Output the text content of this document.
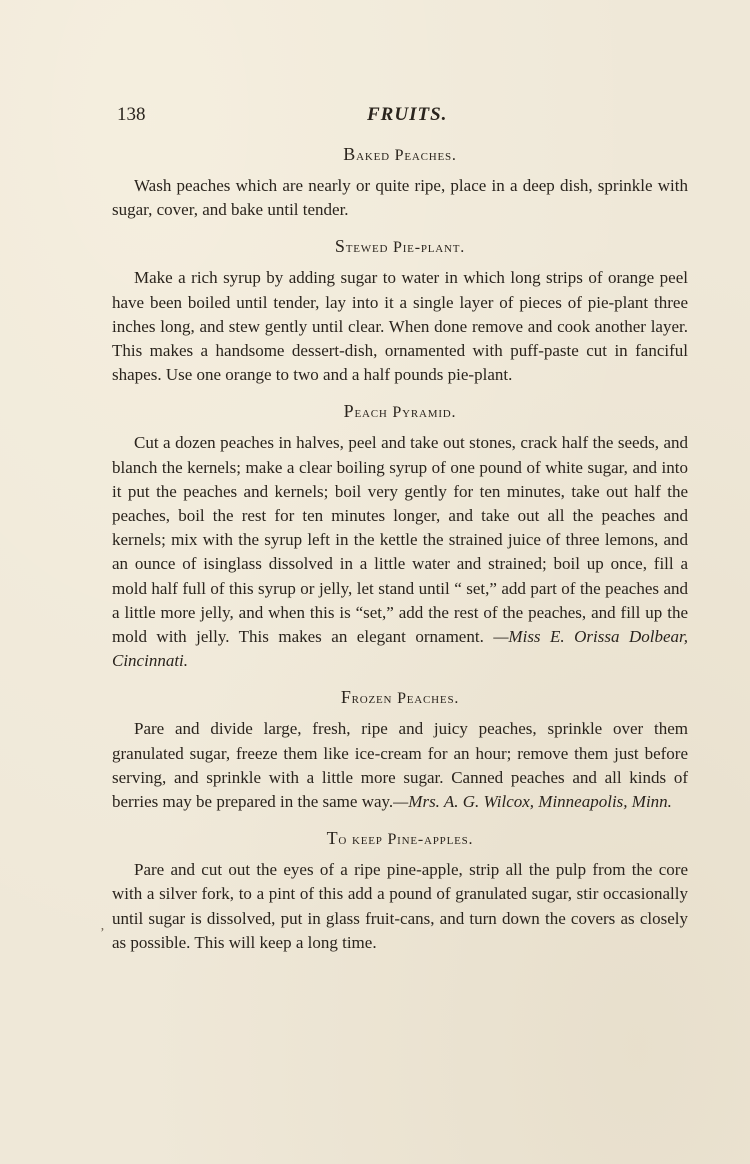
138	FRUITS.
Baked Peaches.

Wash peaches which are nearly or quite ripe, place in a deep dish, sprinkle with sugar, cover, and bake until tender.

Stewed Pie-plant.

Make a rich syrup by adding sugar to water in which long strips of orange peel have been boiled until tender, lay into it a single layer of pieces of pie-plant three inches long, and stew gently until clear. When done remove and cook another layer. This makes a handsome dessert-dish, ornamented with puff-paste cut in fanciful shapes. Use one orange to two and a half pounds pie-plant.

Peach Pyramid.

Cut a dozen peaches in halves, peel and take out stones, crack half the seeds, and blanch the kernels; make a clear boiling syrup of one pound of white sugar, and into it put the peaches and kernels; boil very gently for ten minutes, take out half the peaches, boil the rest for ten minutes longer, and take out all the peaches and kernels; mix with the syrup left in the kettle the strained juice of three lemons, and an ounce of isinglass dissolved in a little water and strained; boil up once, fill a mold half full of this syrup or jelly, let stand until “ set,” add part of the peaches and a little more jelly, and when this is “set,” add the rest of the peaches, and fill up the mold with jelly. This makes an elegant ornament. —Miss E. Orissa Dolbear, Cincinnati.

Frozen Peaches.

Pare and divide large, fresh, ripe and juicy peaches, sprinkle over them granulated sugar, freeze them like ice-cream for an hour; remove them just before serving, and sprinkle with a little more sugar. Canned peaches and all kinds of berries may be prepared in the same way.—Mrs. A. G. Wilcox, Minneapolis, Minn.

To keep Pine-apples.

Pare and cut out the eyes of a ripe pine-apple, strip all the pulp from the core with a silver fork, to a pint of this add a pound of granulated sugar, stir occasionally until sugar is dissolved, put in glass fruit-cans, and turn down the covers as closely as possible. This will keep a long time.

’
